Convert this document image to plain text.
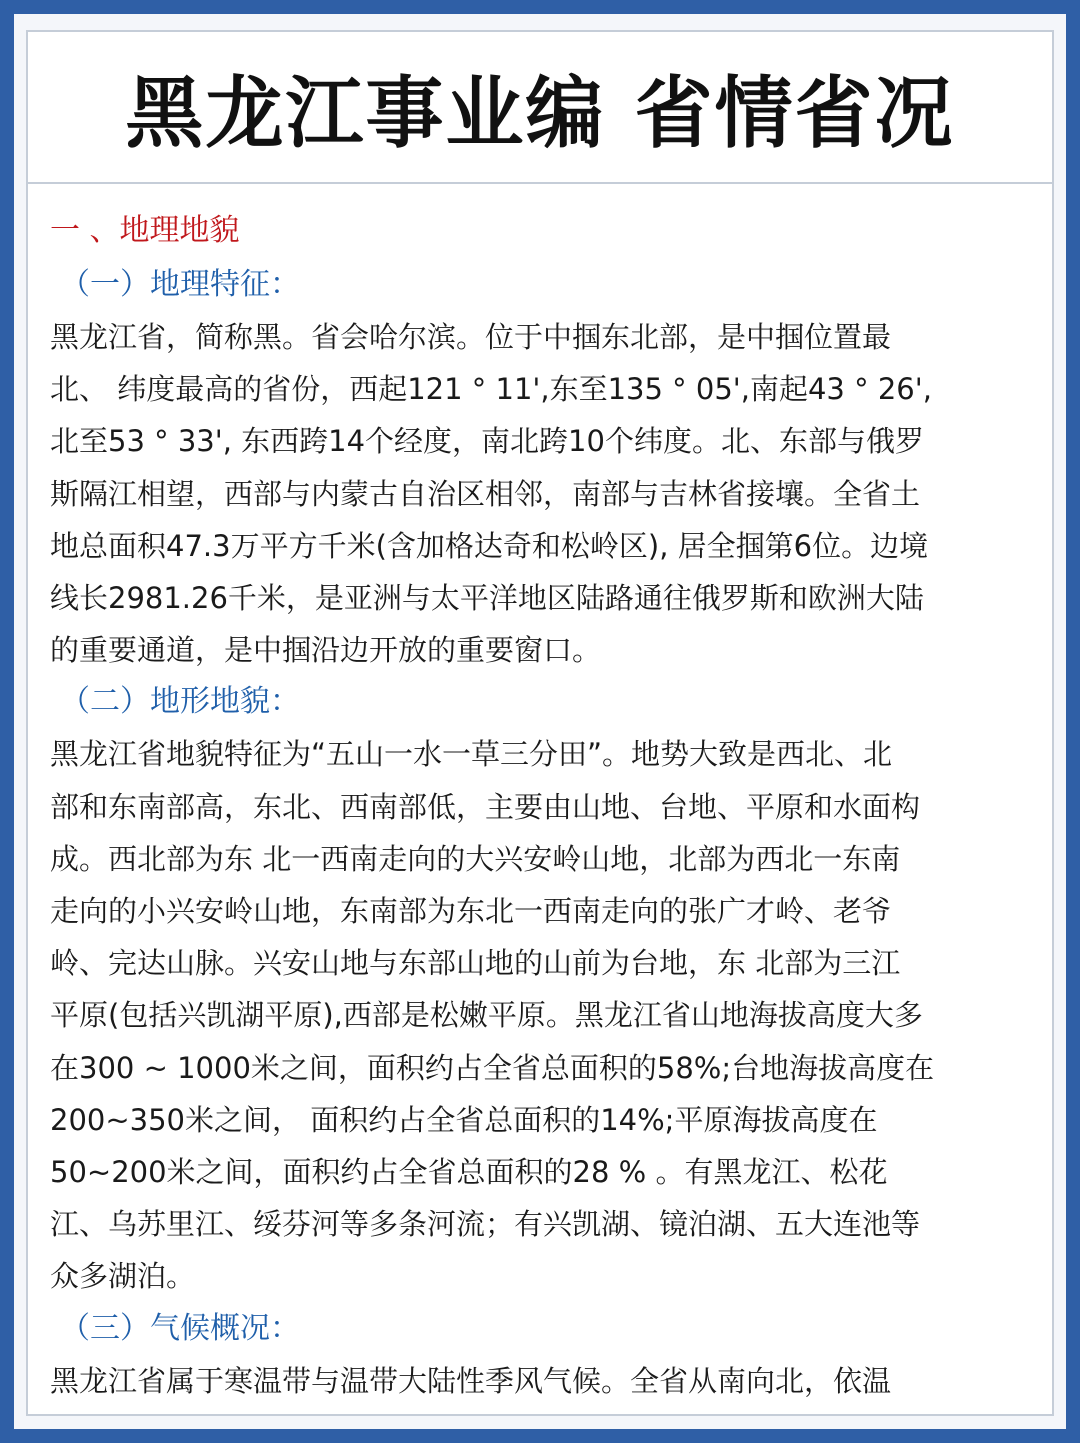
黑龙江事业编 省情省况
一 、地理地貌
（一）地理特征：

黑龙江省，简称黑。省会哈尔滨。位于中掴东北部，是中掴位置最
北、 纬度最高的省份，西起121 ° 11',东至135 ° 05',南起43 ° 26',
北至53 ° 33', 东西跨14个经度，南北跨10个纬度。北、东部与俄罗
斯隔江相望，西部与内蒙古自治区相邻，南部与吉林省接壤。全省土
地总面积47.3万平方千米(含加格达奇和松岭区), 居全掴第6位。边境
线长2981.26千米，是亚洲与太平洋地区陆路通往俄罗斯和欧洲大陆
的重要通道，是中掴沿边开放的重要窗口。

（二）地形地貌：

黑龙江省地貌特征为“五山一水一草三分田”。地势大致是西北、北
部和东南部高，东北、西南部低，主要由山地、台地、平原和水面构
成。西北部为东 北一西南走向的大兴安岭山地，北部为西北一东南
走向的小兴安岭山地，东南部为东北一西南走向的张广才岭、老爷
岭、完达山脉。兴安山地与东部山地的山前为台地，东 北部为三江
平原(包括兴凯湖平原),西部是松嫩平原。黑龙江省山地海拔高度大多
在300 ~ 1000米之间，面积约占全省总面积的58%;台地海拔高度在
200~350米之间， 面积约占全省总面积的14%;平原海拔高度在
50~200米之间，面积约占全省总面积的28 % 。有黑龙江、松花
江、乌苏里江、绥芬河等多条河流；有兴凯湖、镜泊湖、五大连池等
众多湖泊。

（三）气候概况：

黑龙江省属于寒温带与温带大陆性季风气候。全省从南向北，依温
